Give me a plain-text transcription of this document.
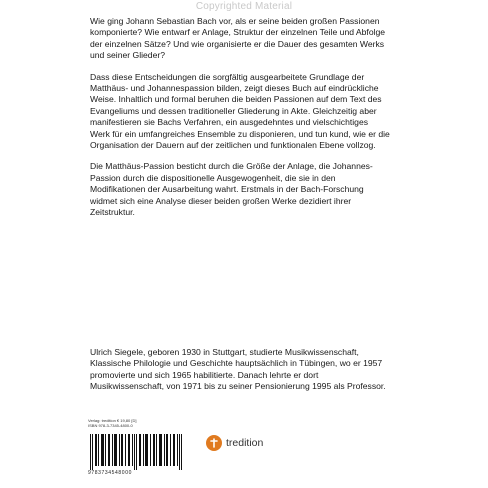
Copyrighted Material

Wie ging Johann Sebastian Bach vor, als er seine beiden großen Passionen komponierte? Wie entwarf er Anlage, Struktur der einzelnen Teile und Abfolge der einzelnen Sätze? Und wie organisierte er die Dauer des gesamten Werks und seiner Glieder?

Dass diese Entscheidungen die sorgfältig ausgearbeitete Grundlage der Matthäus- und Johannespassion bilden, zeigt dieses Buch auf eindrückliche Weise. Inhaltlich und formal beruhen die beiden Passionen auf dem Text des Evangeliums und dessen traditioneller Gliederung in Akte. Gleichzeitig aber manifestieren sie Bachs Verfahren, ein ausgedehntes und vielschichtiges Werk für ein umfangreiches Ensemble zu disponieren, und tun kund, wie er die Organisation der Dauern auf der zeitlichen und funktionalen Ebene vollzog.

Die Matthäus-Passion besticht durch die Größe der Anlage, die Johannes-Passion durch die dispositionelle Ausgewogenheit, die sie in den Modifikationen der Ausarbeitung wahrt. Erstmals in der Bach-Forschung widmet sich eine Analyse dieser beiden großen Werke dezidiert ihrer Zeitstruktur.

Ulrich Siegele, geboren 1930 in Stuttgart, studierte Musikwissenschaft, Klassische Philologie und Geschichte hauptsächlich in Tübingen, wo er 1957 promovierte und sich 1965 habilitierte. Danach lehrte er dort Musikwissenschaft, von 1971 bis zu seiner Pensionierung 1995 als Professor.
Verlag: tredition € 19,80 [D]
ISBN 978-3-7345-4800-0
9783734548000
tredition
